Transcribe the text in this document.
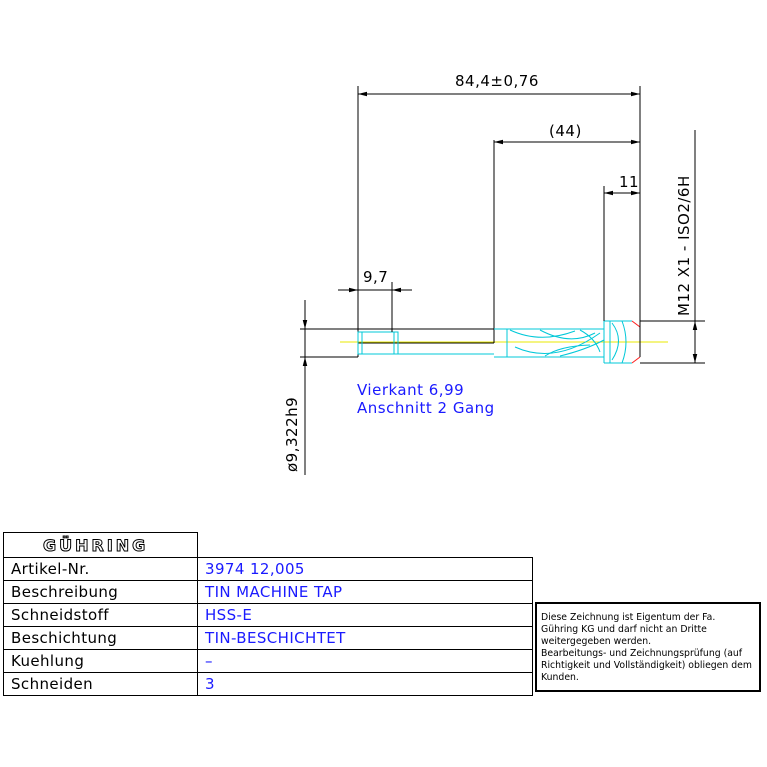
84,4±0,76
(44)
11
9,7
ø9,322h9
M12 X1 - ISO2/6H
Vierkant 6,99
Anschnitt 2 Gang
GÜHRING	
Artikel-Nr.	3974 12,005
Beschreibung	TIN MACHINE TAP
Schneidstoff	HSS-E
Beschichtung	TIN-BESCHICHTET
Kuehlung	–
Schneiden	3

Diese Zeichnung ist Eigentum der Fa. Gühring KG und darf nicht an Dritte weitergegeben werden.

Bearbeitungs- und Zeichnungsprüfung (auf Richtigkeit und Vollständigkeit) obliegen dem Kunden.
